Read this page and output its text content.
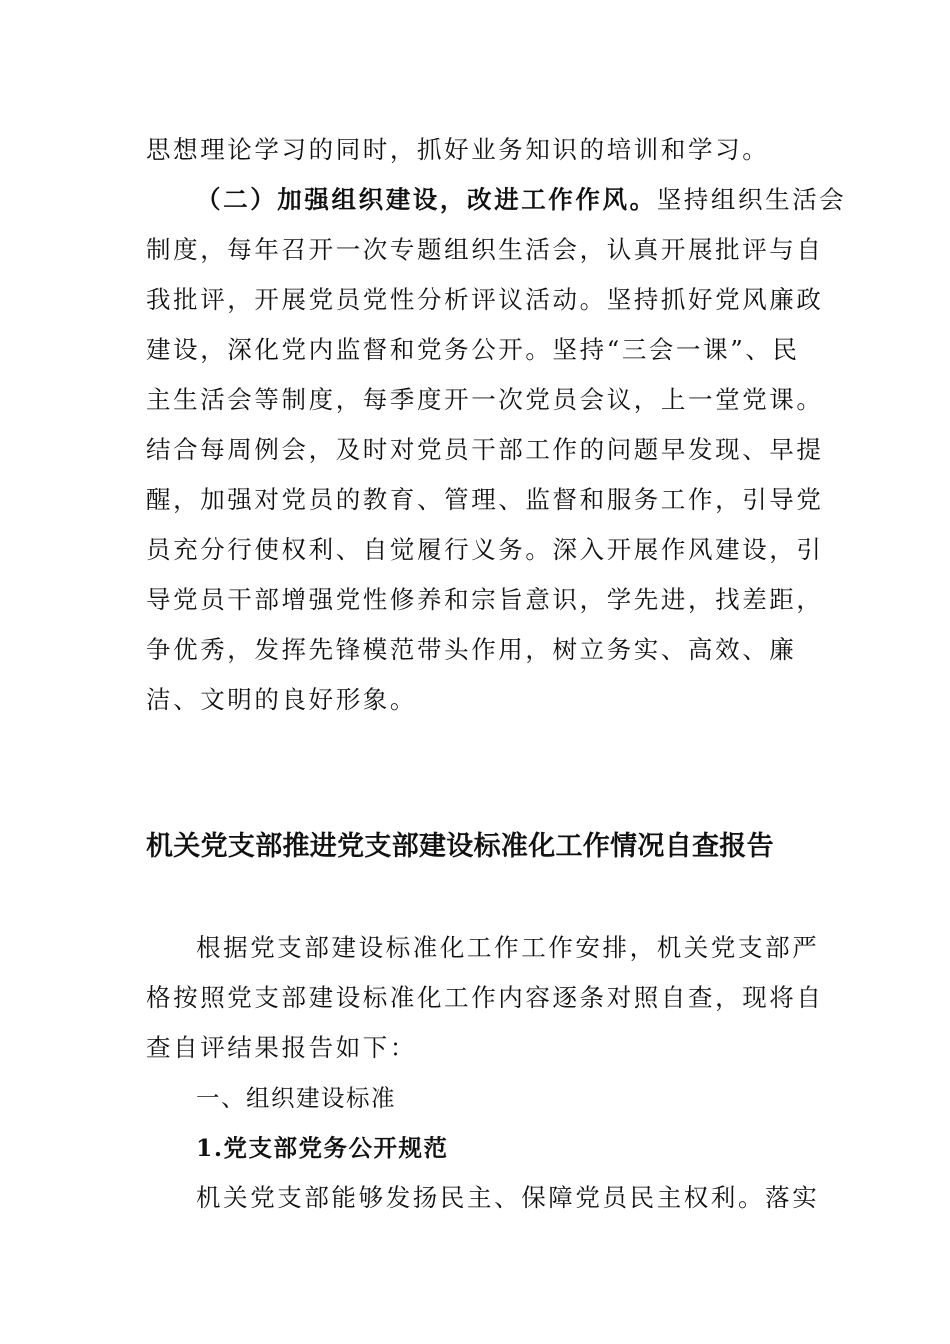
思想理论学习的同时，抓好业务知识的培训和学习。
（二）加强组织建设，改进工作作风。坚持组织生活会
制度，每年召开一次专题组织生活会，认真开展批评与自
我批评，开展党员党性分析评议活动。坚持抓好党风廉政
建设，深化党内监督和党务公开。坚持“三会一课”、民
主生活会等制度，每季度开一次党员会议，上一堂党课。
结合每周例会，及时对党员干部工作的问题早发现、早提
醒，加强对党员的教育、管理、监督和服务工作，引导党
员充分行使权利、自觉履行义务。深入开展作风建设，引
导党员干部增强党性修养和宗旨意识，学先进，找差距，
争优秀，发挥先锋模范带头作用，树立务实、高效、廉
洁、文明的良好形象。
机关党支部推进党支部建设标准化工作情况自查报告
根据党支部建设标准化工作工作安排，机关党支部严
格按照党支部建设标准化工作内容逐条对照自查，现将自
查自评结果报告如下：
一、组织建设标准
1.党支部党务公开规范
机关党支部能够发扬民主、保障党员民主权利。落实
